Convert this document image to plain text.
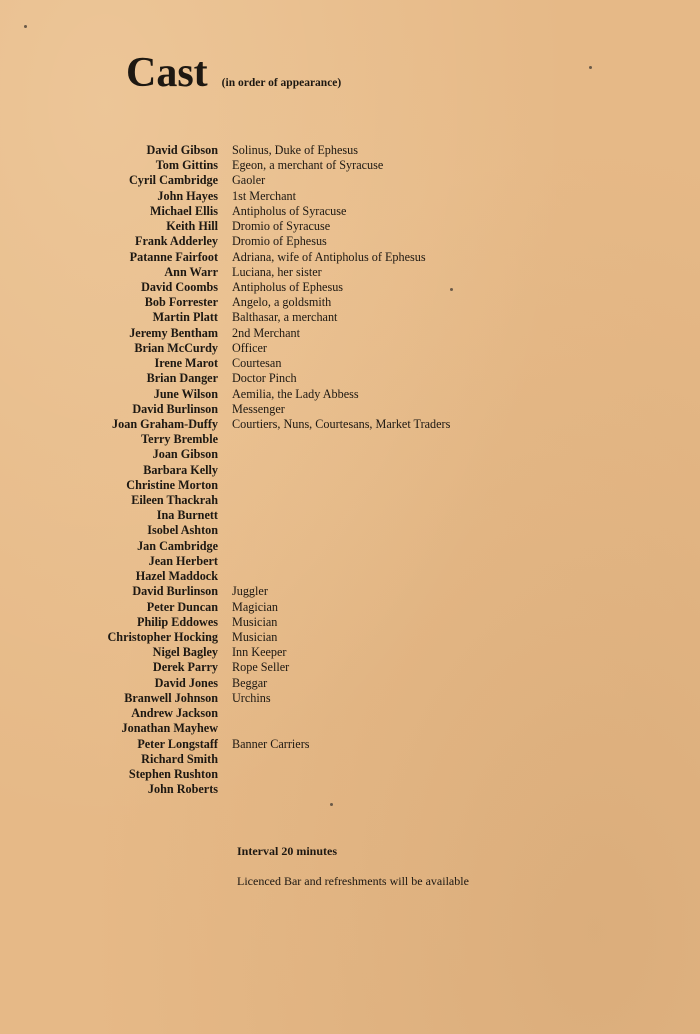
Cast (in order of appearance)
David Gibson	Solinus, Duke of Ephesus
Tom Gittins	Egeon, a merchant of Syracuse
Cyril Cambridge	Gaoler
John Hayes	1st Merchant
Michael Ellis	Antipholus of Syracuse
Keith Hill	Dromio of Syracuse
Frank Adderley	Dromio of Ephesus
Patanne Fairfoot	Adriana, wife of Antipholus of Ephesus
Ann Warr	Luciana, her sister
David Coombs	Antipholus of Ephesus
Bob Forrester	Angelo, a goldsmith
Martin Platt	Balthasar, a merchant
Jeremy Bentham	2nd Merchant
Brian McCurdy	Officer
Irene Marot	Courtesan
Brian Danger	Doctor Pinch
June Wilson	Aemilia, the Lady Abbess
David Burlinson	Messenger
Joan Graham-Duffy	Courtiers, Nuns, Courtesans, Market Traders
Terry Bremble
Joan Gibson
Barbara Kelly
Christine Morton
Eileen Thackrah
Ina Burnett
Isobel Ashton
Jan Cambridge
Jean Herbert
Hazel Maddock
David Burlinson	Juggler
Peter Duncan	Magician
Philip Eddowes	Musician
Christopher Hocking	Musician
Nigel Bagley	Inn Keeper
Derek Parry	Rope Seller
David Jones	Beggar
Branwell Johnson	Urchins
Andrew Jackson
Jonathan Mayhew
Peter Longstaff	Banner Carriers
Richard Smith
Stephen Rushton
John Roberts
Interval 20 minutes
Licenced Bar and refreshments will be available
